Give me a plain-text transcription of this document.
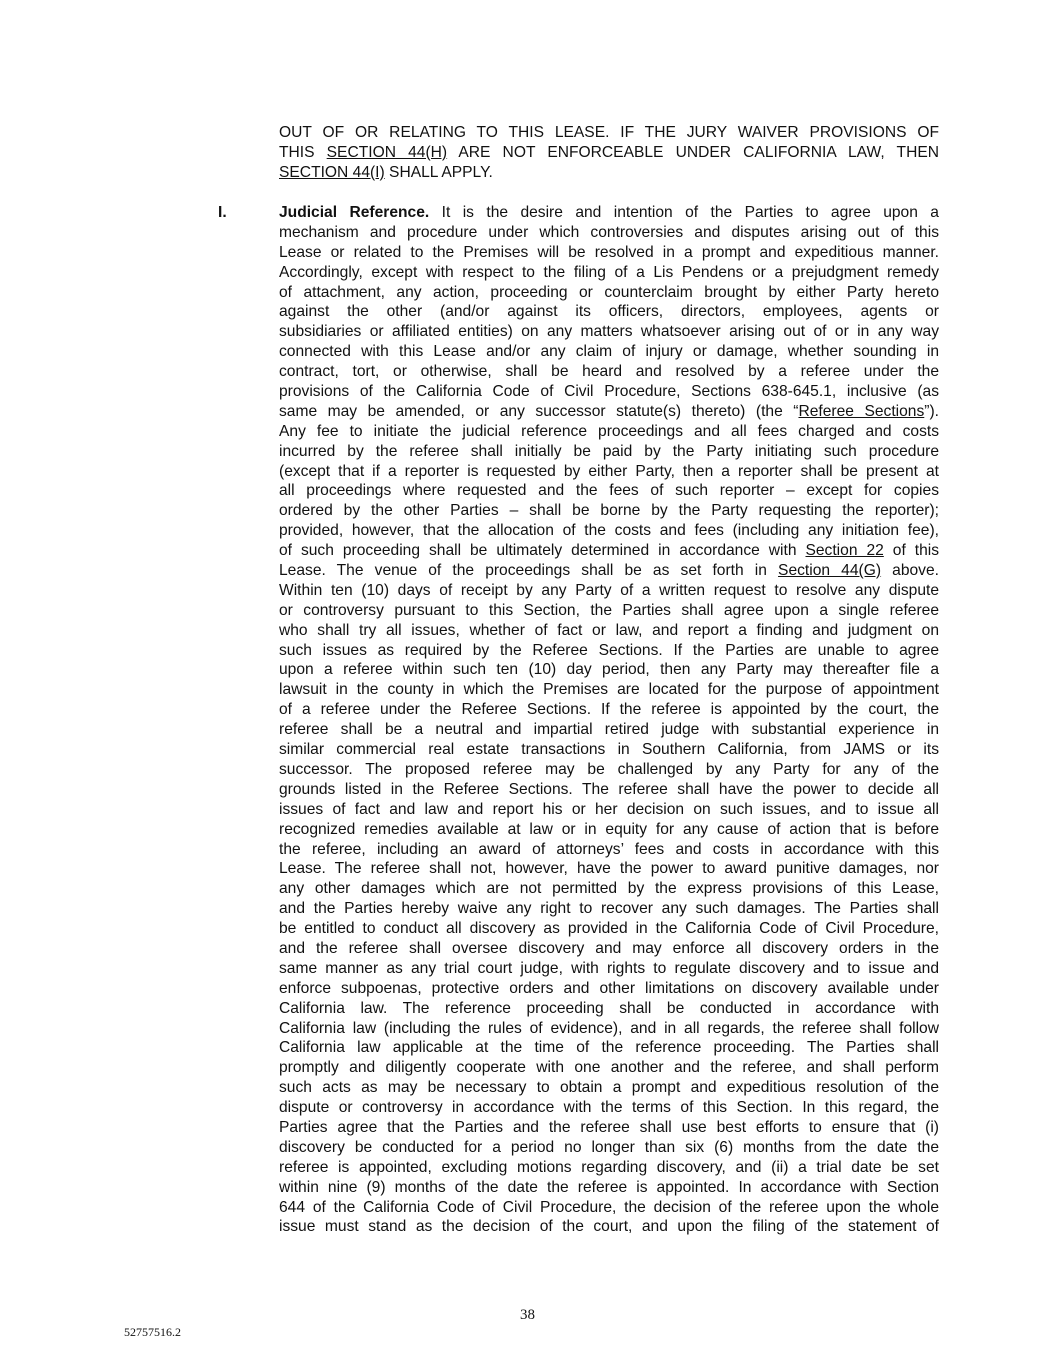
OUT OF OR RELATING TO THIS LEASE. IF THE JURY WAIVER PROVISIONS OF
THIS SECTION 44(H) ARE NOT ENFORCEABLE UNDER CALIFORNIA LAW, THEN
SECTION 44(I) SHALL APPLY.
I.	Judicial Reference. It is the desire and intention of the Parties to agree upon a
mechanism and procedure under which controversies and disputes arising out of this
Lease or related to the Premises will be resolved in a prompt and expeditious manner.
Accordingly, except with respect to the filing of a Lis Pendens or a prejudgment remedy
of attachment, any action, proceeding or counterclaim brought by either Party hereto
against the other (and/or against its officers, directors, employees, agents or
subsidiaries or affiliated entities) on any matters whatsoever arising out of or in any way
connected with this Lease and/or any claim of injury or damage, whether sounding in
contract, tort, or otherwise, shall be heard and resolved by a referee under the
provisions of the California Code of Civil Procedure, Sections 638-645.1, inclusive (as
same may be amended, or any successor statute(s) thereto) (the “Referee Sections”).
Any fee to initiate the judicial reference proceedings and all fees charged and costs
incurred by the referee shall initially be paid by the Party initiating such procedure
(except that if a reporter is requested by either Party, then a reporter shall be present at
all proceedings where requested and the fees of such reporter – except for copies
ordered by the other Parties – shall be borne by the Party requesting the reporter);
provided, however, that the allocation of the costs and fees (including any initiation fee),
of such proceeding shall be ultimately determined in accordance with Section 22 of this
Lease. The venue of the proceedings shall be as set forth in Section 44(G) above.
Within ten (10) days of receipt by any Party of a written request to resolve any dispute
or controversy pursuant to this Section, the Parties shall agree upon a single referee
who shall try all issues, whether of fact or law, and report a finding and judgment on
such issues as required by the Referee Sections. If the Parties are unable to agree
upon a referee within such ten (10) day period, then any Party may thereafter file a
lawsuit in the county in which the Premises are located for the purpose of appointment
of a referee under the Referee Sections. If the referee is appointed by the court, the
referee shall be a neutral and impartial retired judge with substantial experience in
similar commercial real estate transactions in Southern California, from JAMS or its
successor. The proposed referee may be challenged by any Party for any of the
grounds listed in the Referee Sections. The referee shall have the power to decide all
issues of fact and law and report his or her decision on such issues, and to issue all
recognized remedies available at law or in equity for any cause of action that is before
the referee, including an award of attorneys’ fees and costs in accordance with this
Lease. The referee shall not, however, have the power to award punitive damages, nor
any other damages which are not permitted by the express provisions of this Lease,
and the Parties hereby waive any right to recover any such damages. The Parties shall
be entitled to conduct all discovery as provided in the California Code of Civil Procedure,
and the referee shall oversee discovery and may enforce all discovery orders in the
same manner as any trial court judge, with rights to regulate discovery and to issue and
enforce subpoenas, protective orders and other limitations on discovery available under
California law. The reference proceeding shall be conducted in accordance with
California law (including the rules of evidence), and in all regards, the referee shall follow
California law applicable at the time of the reference proceeding. The Parties shall
promptly and diligently cooperate with one another and the referee, and shall perform
such acts as may be necessary to obtain a prompt and expeditious resolution of the
dispute or controversy in accordance with the terms of this Section. In this regard, the
Parties agree that the Parties and the referee shall use best efforts to ensure that (i)
discovery be conducted for a period no longer than six (6) months from the date the
referee is appointed, excluding motions regarding discovery, and (ii) a trial date be set
within nine (9) months of the date the referee is appointed. In accordance with Section
644 of the California Code of Civil Procedure, the decision of the referee upon the whole
issue must stand as the decision of the court, and upon the filing of the statement of
38
52757516.2
